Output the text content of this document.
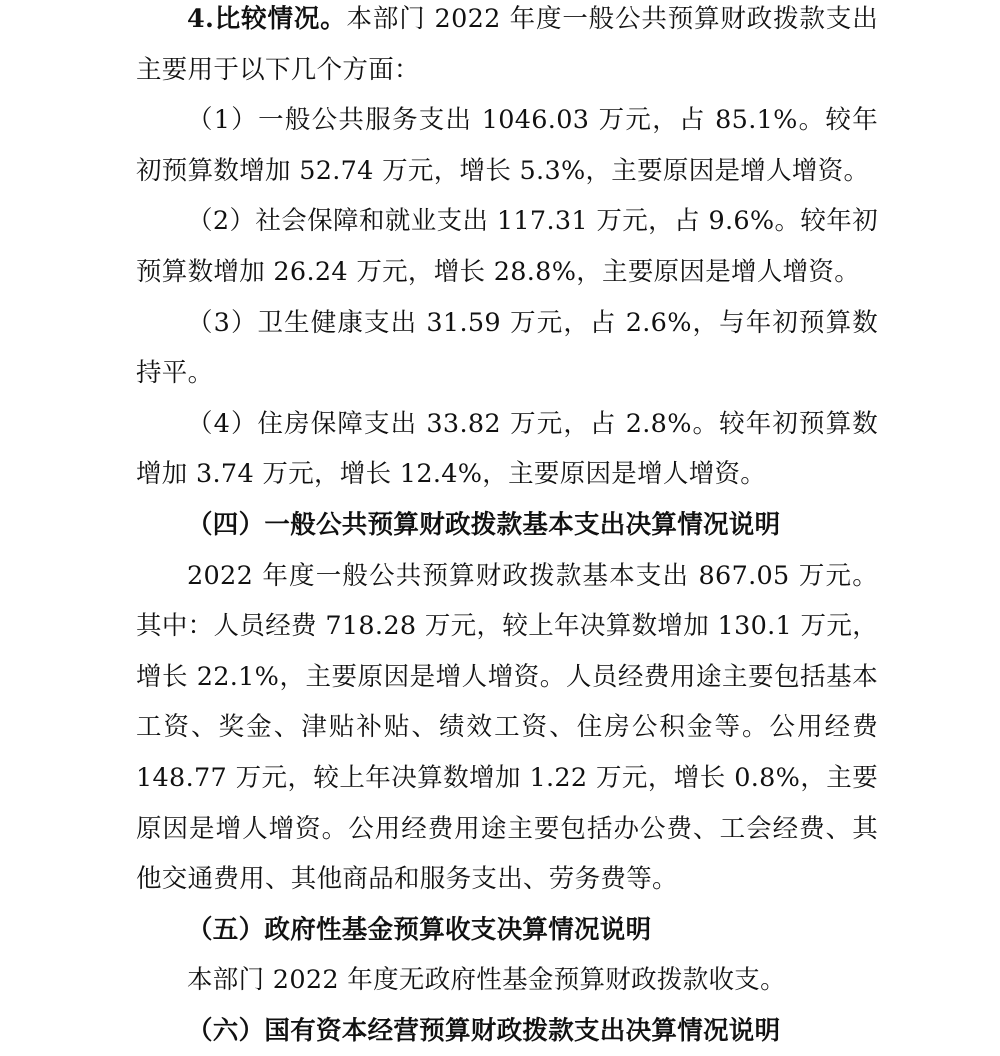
4.比较情况。本部门 2022 年度一般公共预算财政拨款支出主要用于以下几个方面：

（1）一般公共服务支出 1046.03 万元，占 85.1%。较年初预算数增加 52.74 万元，增长 5.3%，主要原因是增人增资。

（2）社会保障和就业支出 117.31 万元，占 9.6%。较年初预算数增加 26.24 万元，增长 28.8%，主要原因是增人增资。

（3）卫生健康支出 31.59 万元，占 2.6%，与年初预算数持平。

（4）住房保障支出 33.82 万元，占 2.8%。较年初预算数增加 3.74 万元，增长 12.4%，主要原因是增人增资。

（四）一般公共预算财政拨款基本支出决算情况说明

2022 年度一般公共预算财政拨款基本支出 867.05 万元。其中：人员经费 718.28 万元，较上年决算数增加 130.1 万元，增长 22.1%，主要原因是增人增资。人员经费用途主要包括基本工资、奖金、津贴补贴、绩效工资、住房公积金等。公用经费 148.77 万元，较上年决算数增加 1.22 万元，增长 0.8%，主要原因是增人增资。公用经费用途主要包括办公费、工会经费、其他交通费用、其他商品和服务支出、劳务费等。

（五）政府性基金预算收支决算情况说明

本部门 2022 年度无政府性基金预算财政拨款收支。

（六）国有资本经营预算财政拨款支出决算情况说明
